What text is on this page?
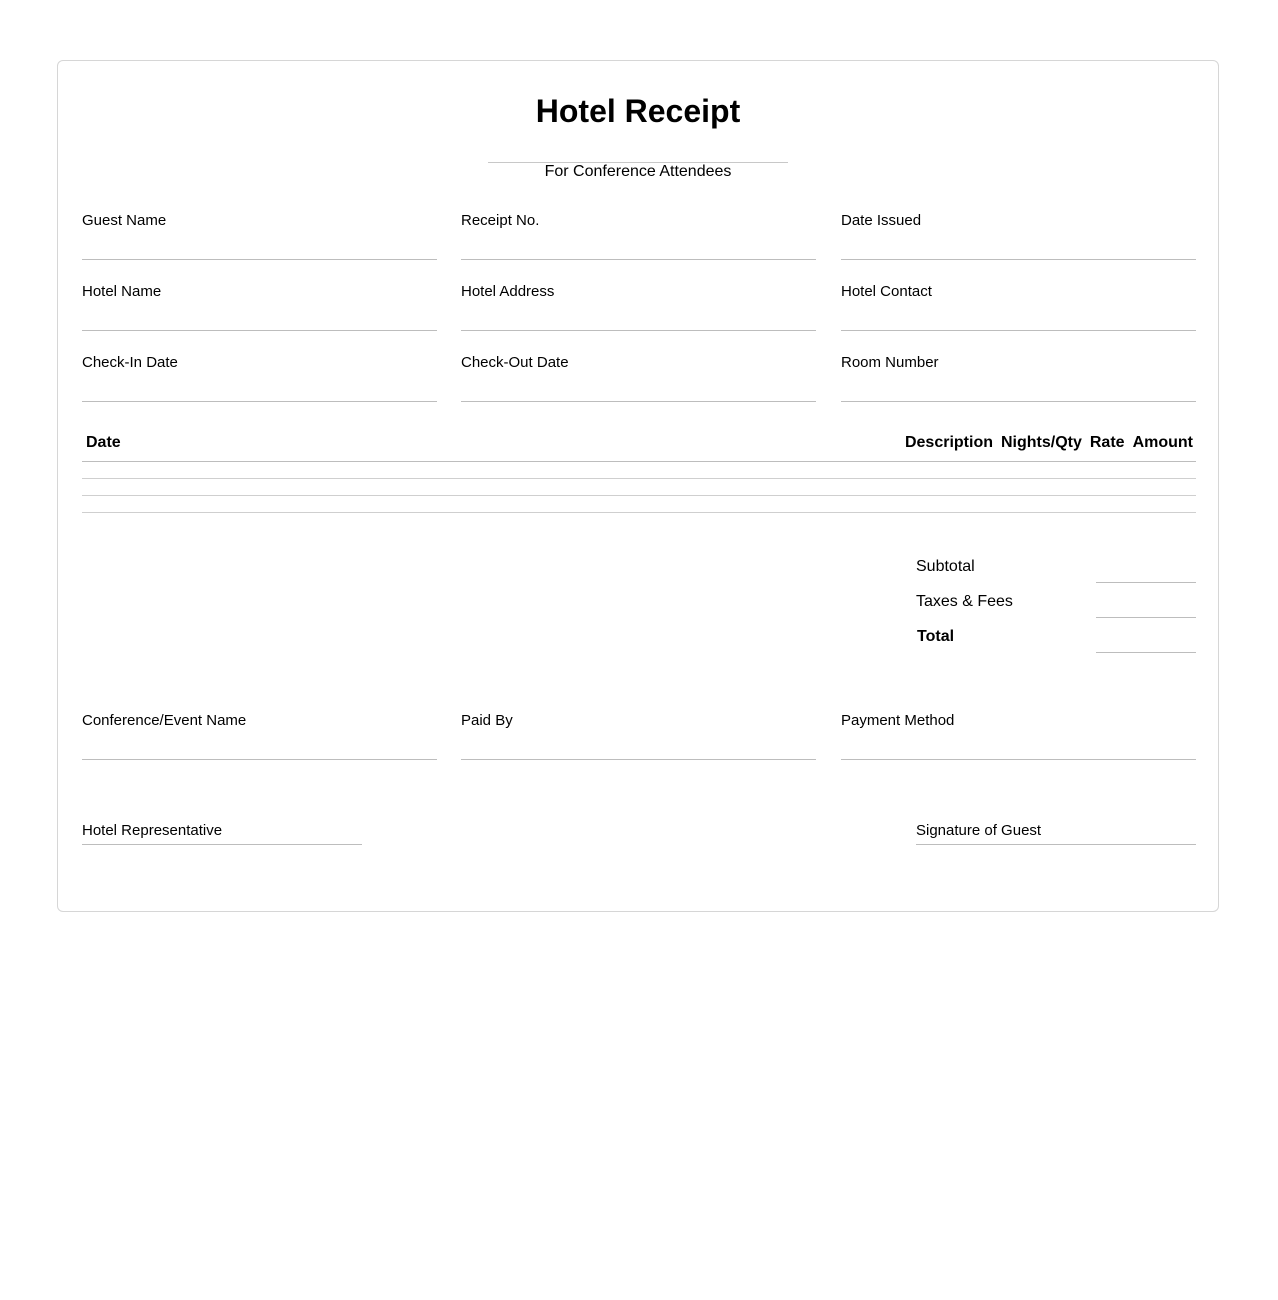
Hotel Receipt
For Conference Attendees
Guest Name	Receipt No.	Date Issued
Hotel Name	Hotel Address	Hotel Contact
Check-In Date	Check-Out Date	Room Number
Date	Description Nights/Qty Rate Amount
Subtotal
Taxes & Fees
Total
Conference/Event Name	Paid By	Payment Method
Hotel Representative	Signature of Guest
